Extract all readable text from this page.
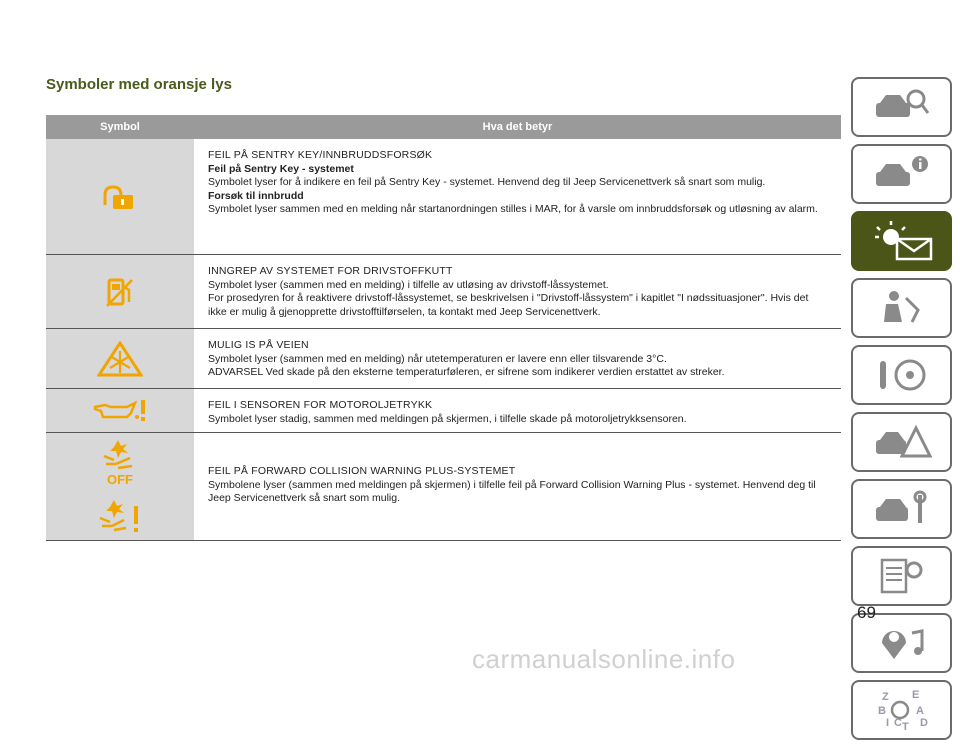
Symboler med oransje lys
Symbol	Hva det betyr
FEIL PÅ SENTRY KEY/INNBRUDDSFORSØK
Feil på Sentry Key - systemet
Symbolet lyser for å indikere en feil på Sentry Key - systemet. Henvend deg til Jeep Servicenettverk så snart som mulig.
Forsøk til innbrudd
Symbolet lyser sammen med en melding når startanordningen stilles i MAR, for å varsle om innbruddsforsøk og utløsning av alarm.
INNGREP AV SYSTEMET FOR DRIVSTOFFKUTT
Symbolet lyser (sammen med en melding) i tilfelle av utløsing av drivstoff-låssystemet.
For prosedyren for å reaktivere drivstoff-låssystemet, se beskrivelsen i "Drivstoff-låssystem" i kapitlet "I nødssituasjoner". Hvis det ikke er mulig å gjenopprette drivstofftilførselen, ta kontakt med Jeep Servicenettverk.
MULIG IS PÅ VEIEN
Symbolet lyser (sammen med en melding) når utetemperaturen er lavere enn eller tilsvarende 3°C.
ADVARSEL Ved skade på den eksterne temperaturføleren, er sifrene som indikerer verdien erstattet av streker.
FEIL I SENSOREN FOR MOTOROLJETRYKK
Symbolet lyser stadig, sammen med meldingen på skjermen, i tilfelle skade på motoroljetrykksensoren.
OFF
FEIL PÅ FORWARD COLLISION WARNING PLUS-SYSTEMET
Symbolene lyser (sammen med meldingen på skjermen) i tilfelle feil på Forward Collision Warning Plus - systemet. Henvend deg til Jeep Servicenettverk så snart som mulig.
Z E
B	A
I C D
T
69
carmanualsonline.info
